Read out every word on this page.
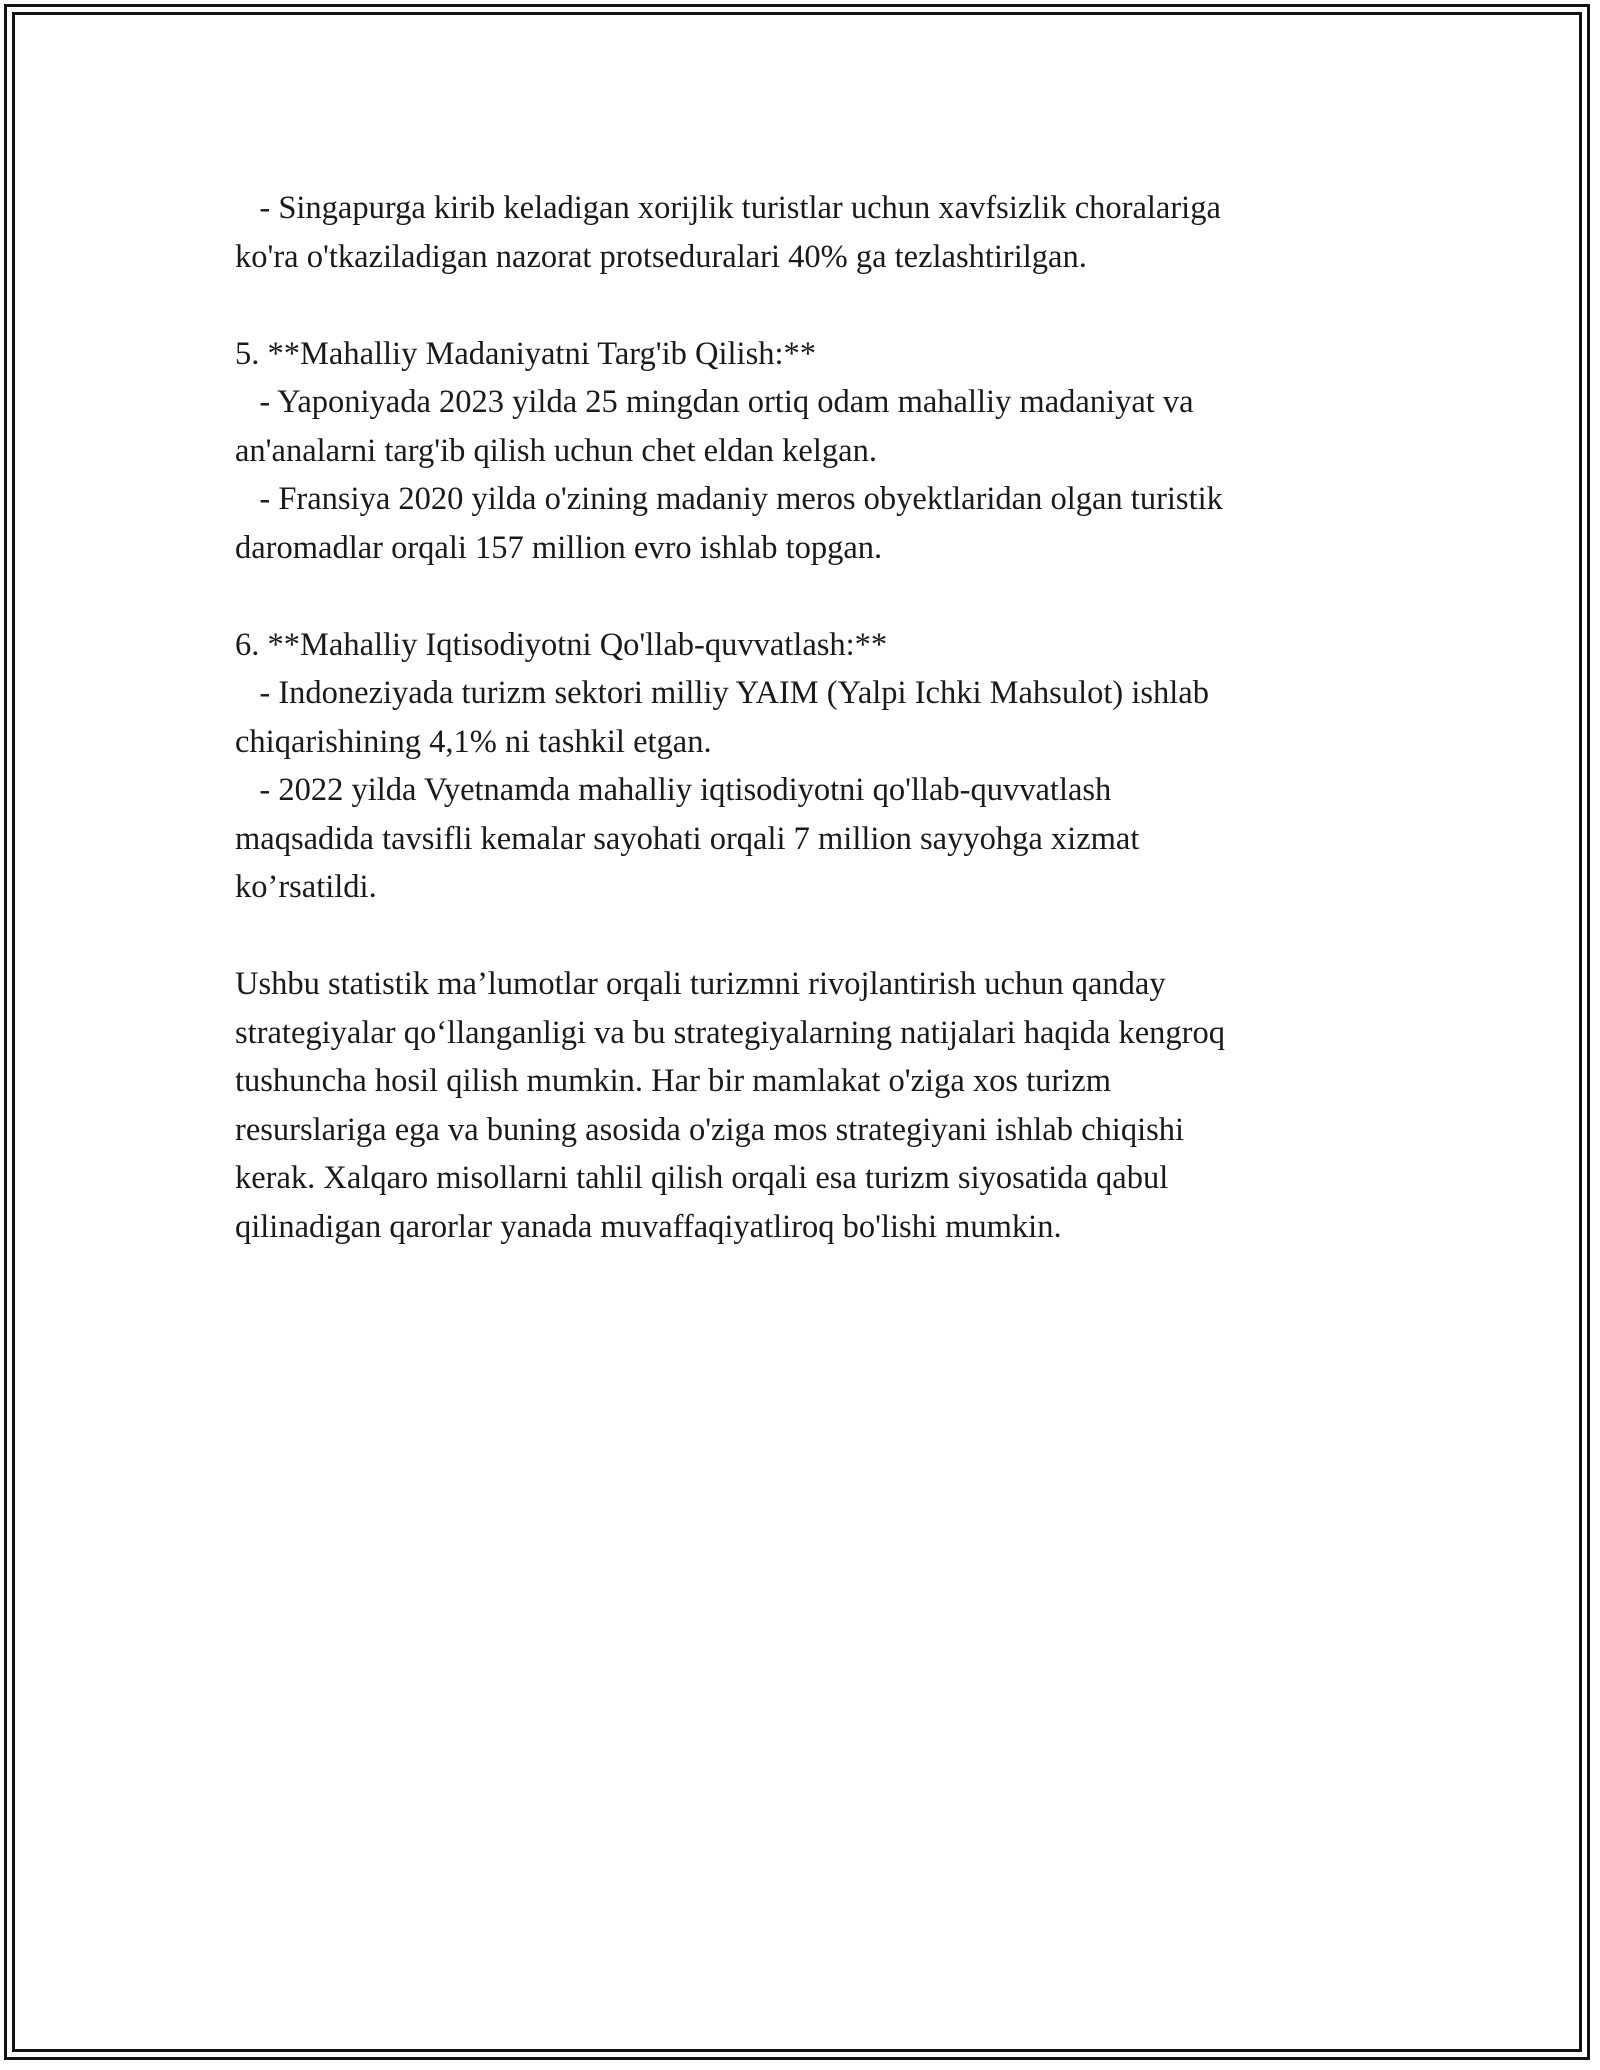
- Singapurga kirib keladigan xorijlik turistlar uchun xavfsizlik choralariga
ko'ra o'tkaziladigan nazorat protseduralari 40% ga tezlashtirilgan.
5. **Mahalliy Madaniyatni Targ'ib Qilish:**
- Yaponiyada 2023 yilda 25 mingdan ortiq odam mahalliy madaniyat va
an'analarni targ'ib qilish uchun chet eldan kelgan.
- Fransiya 2020 yilda o'zining madaniy meros obyektlaridan olgan turistik
daromadlar orqali 157 million evro ishlab topgan.
6. **Mahalliy Iqtisodiyotni Qo'llab-quvvatlash:**
- Indoneziyada turizm sektori milliy YAIM (Yalpi Ichki Mahsulot) ishlab
chiqarishining 4,1% ni tashkil etgan.
- 2022 yilda Vyetnamda mahalliy iqtisodiyotni qo'llab-quvvatlash
maqsadida tavsifli kemalar sayohati orqali 7 million sayyohga xizmat
ko’rsatildi.
Ushbu statistik ma’lumotlar orqali turizmni rivojlantirish uchun qanday
strategiyalar qo‘llanganligi va bu strategiyalarning natijalari haqida kengroq
tushuncha hosil qilish mumkin. Har bir mamlakat o'ziga xos turizm
resurslariga ega va buning asosida o'ziga mos strategiyani ishlab chiqishi
kerak. Xalqaro misollarni tahlil qilish orqali esa turizm siyosatida qabul
qilinadigan qarorlar yanada muvaffaqiyatliroq bo'lishi mumkin.
